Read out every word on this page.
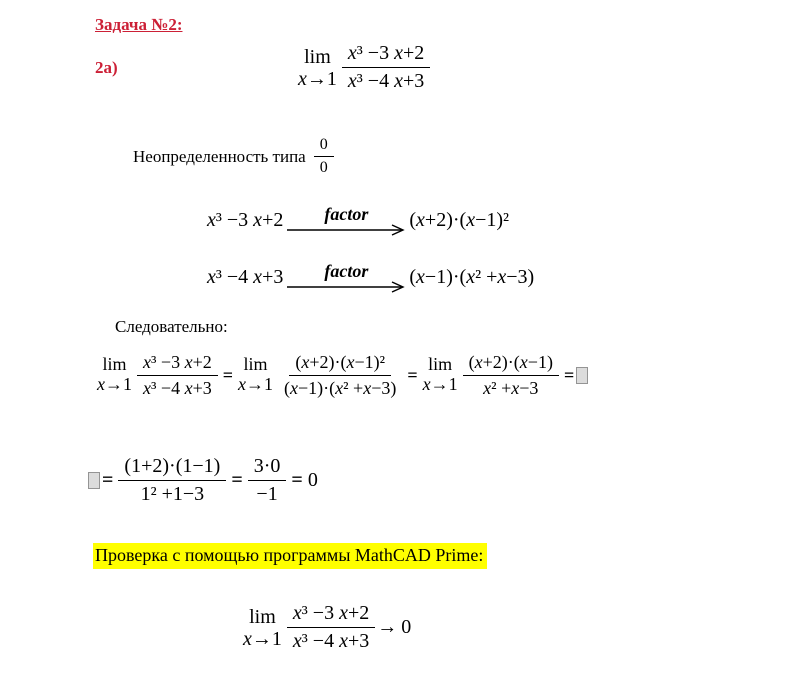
Задача №2:
2а)	lim
$x\to 1 \frac{\text{x³ −3 x+2}}{\text{x³ −4 x+3}}$
Неопределенность типа $\frac{0}{0}$
x³ −3 x+2 factor (x+2)·(x−1)²
x³ −4 x+3 factor (x−1)·(x² +x−3)
Следовательно:
lim
$x\to 1 \frac{\text{x³ −3 x+2}}{\text{x³ −4 x+3}}$ =
lim
$x\to 1 \frac{\text{(x+2)·(x−1)²}}{\text{(x−1)·(x² +x−3)}}$ =
lim
$x\to 1 \frac{(x+2)\cdot(x-1)}{\text{x² +x−3}}$ =
= $\frac{(1+2)\cdot(1-1)}{\text{1² +1−3}} = \frac{3\cdot 0}{-1} = 0$
Проверка с помощью программы MathCAD Prime:
lim
$x\to 1 \frac{\text{x³ −3 x+2}}{\text{x³ −4 x+3}} \to 0$
